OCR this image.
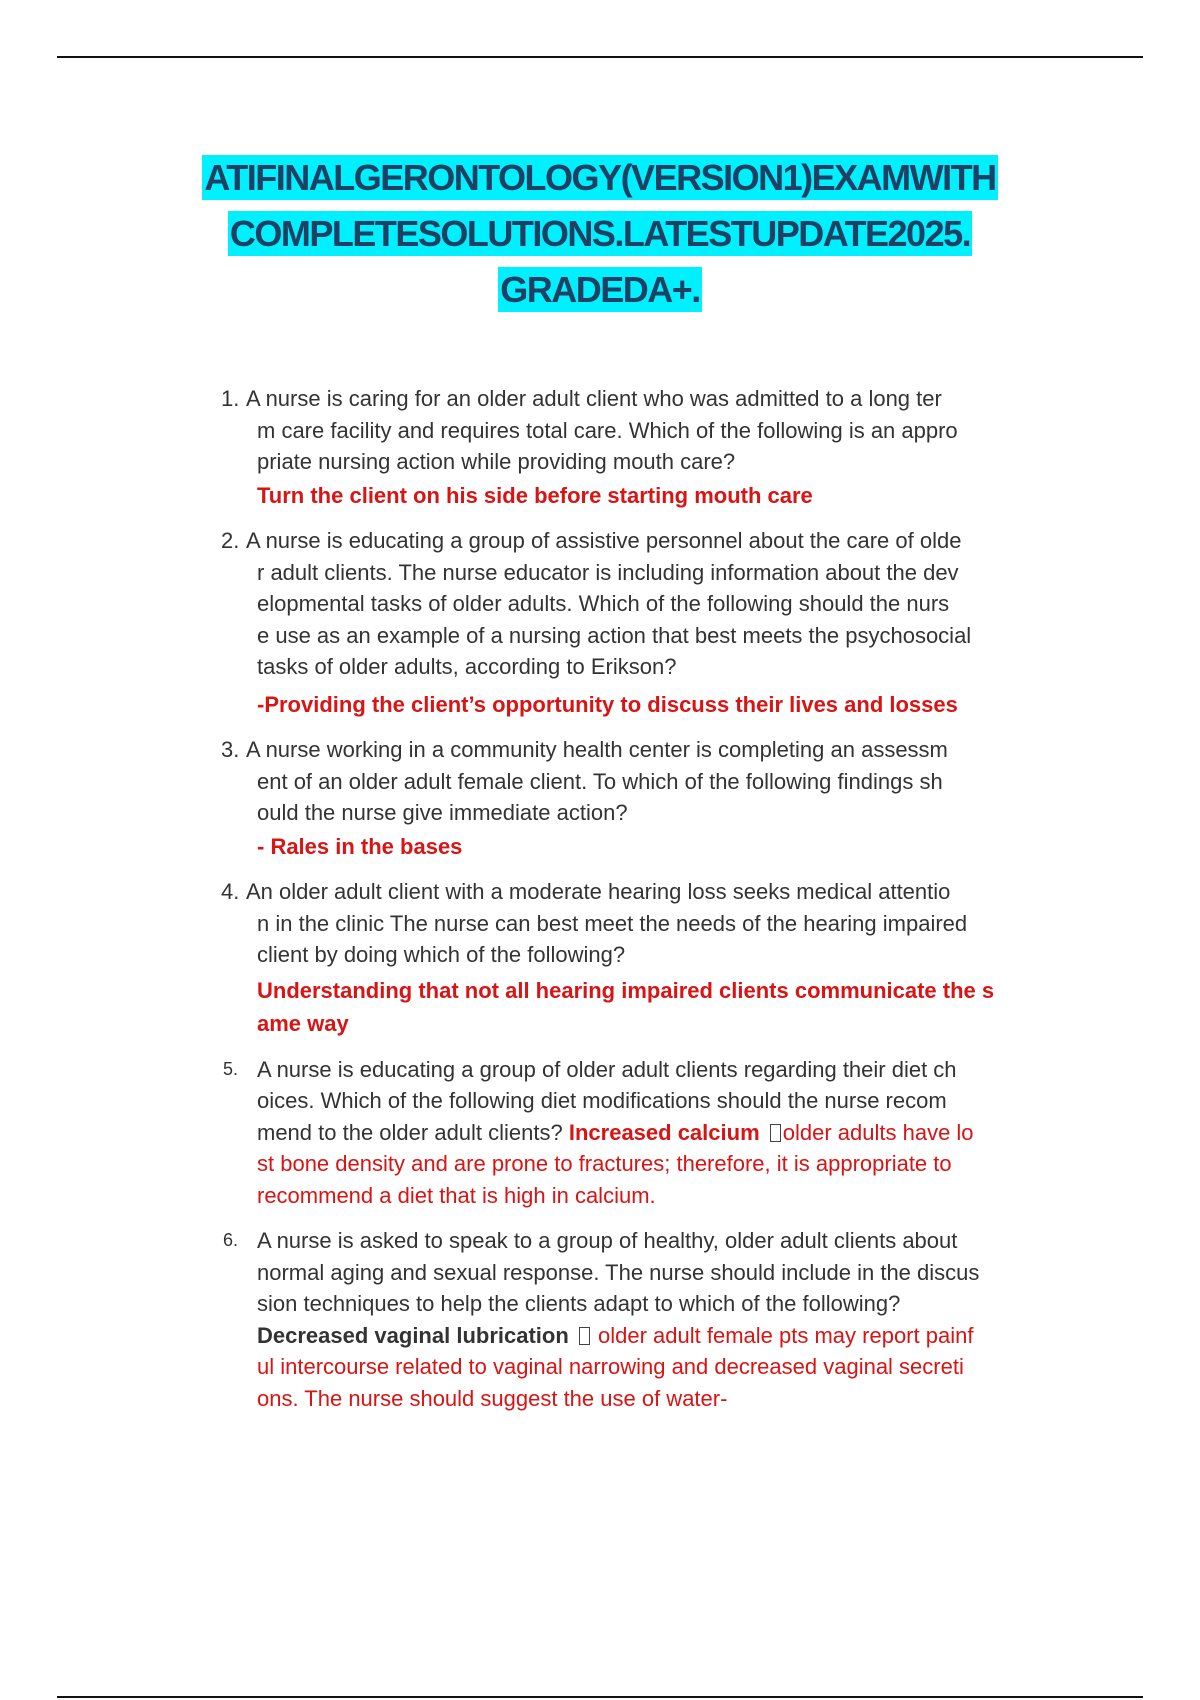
ATIFINALGERONTOLOGY(VERSION1)EXAMWITH
COMPLETESOLUTIONS.LATESTUPDATE2025.
GRADEDA+.
1. A nurse is caring for an older adult client who was admitted to a long ter
m care facility and requires total care. Which of the following is an appro
priate nursing action while providing mouth care?
Turn the client on his side before starting mouth care
2. A nurse is educating a group of assistive personnel about the care of olde
r adult clients. The nurse educator is including information about the dev
elopmental tasks of older adults. Which of the following should the nurs
e use as an example of a nursing action that best meets the psychosocial
tasks of older adults, according to Erikson?
-Providing the client’s opportunity to discuss their lives and losses
3. A nurse working in a community health center is completing an assessm
ent of an older adult female client. To which of the following findings sh
ould the nurse give immediate action?
- Rales in the bases
4. An older adult client with a moderate hearing loss seeks medical attentio
n in the clinic The nurse can best meet the needs of the hearing impaired
client by doing which of the following?
Understanding that not all hearing impaired clients communicate the s
ame way
5. A nurse is educating a group of older adult clients regarding their diet ch
oices. Which of the following diet modifications should the nurse recom
mend to the older adult clients? Increased calcium older adults have lo
st bone density and are prone to fractures; therefore, it is appropriate to
recommend a diet that is high in calcium.
6. A nurse is asked to speak to a group of healthy, older adult clients about
normal aging and sexual response. The nurse should include in the discus
sion techniques to help the clients adapt to which of the following?
Decreased vaginal lubrication  older adult female pts may report painf
ul intercourse related to vaginal narrowing and decreased vaginal secreti
ons. The nurse should suggest the use of water-
